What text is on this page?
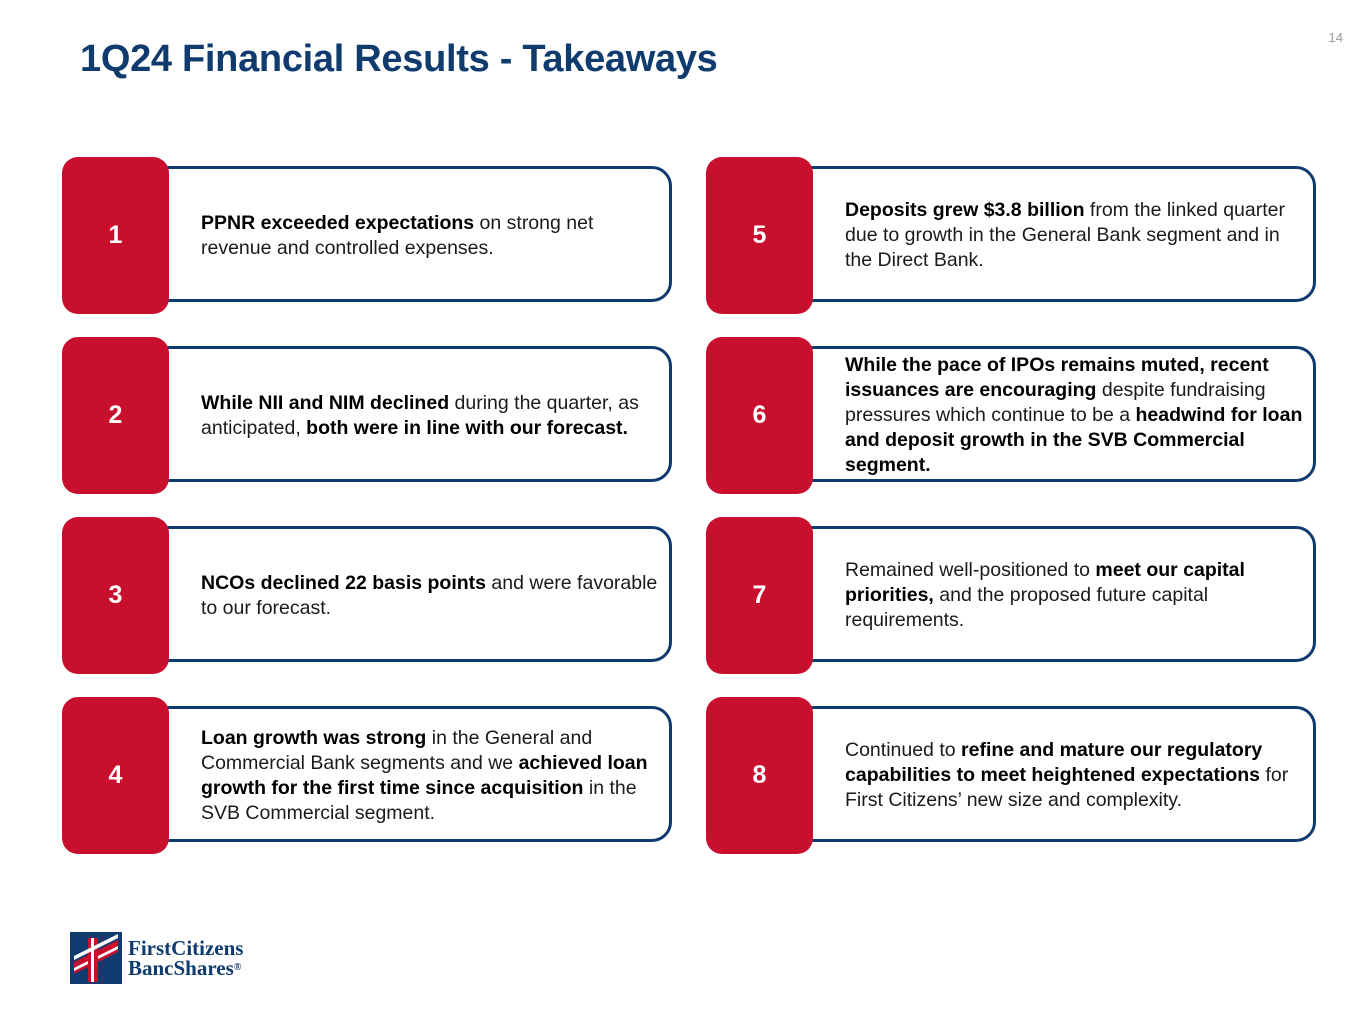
14
1Q24 Financial Results - Takeaways
1	PPNR exceeded expectations on strong net revenue and controlled expenses.	5

Deposits grew $3.8 billion from the linked quarter due to growth in the General Bank segment and in the Direct Bank.

2	While NII and NIM declined during the quarter, as anticipated, both were in line with our forecast.	6

While the pace of IPOs remains muted, recent issuances are encouraging despite fundraising pressures which continue to be a headwind for loan and deposit growth in the SVB Commercial segment.

3	NCOs declined 22 basis points and were favorable to our forecast.	7

Remained well-positioned to meet our capital priorities, and the proposed future capital requirements.

4

Loan growth was strong in the General and Commercial Bank segments and we achieved loan growth for the first time since acquisition in the SVB Commercial segment.

8

Continued to refine and mature our regulatory capabilities to meet heightened expectations for First Citizens’ new size and complexity.

FirstCitizens
BancShares®
